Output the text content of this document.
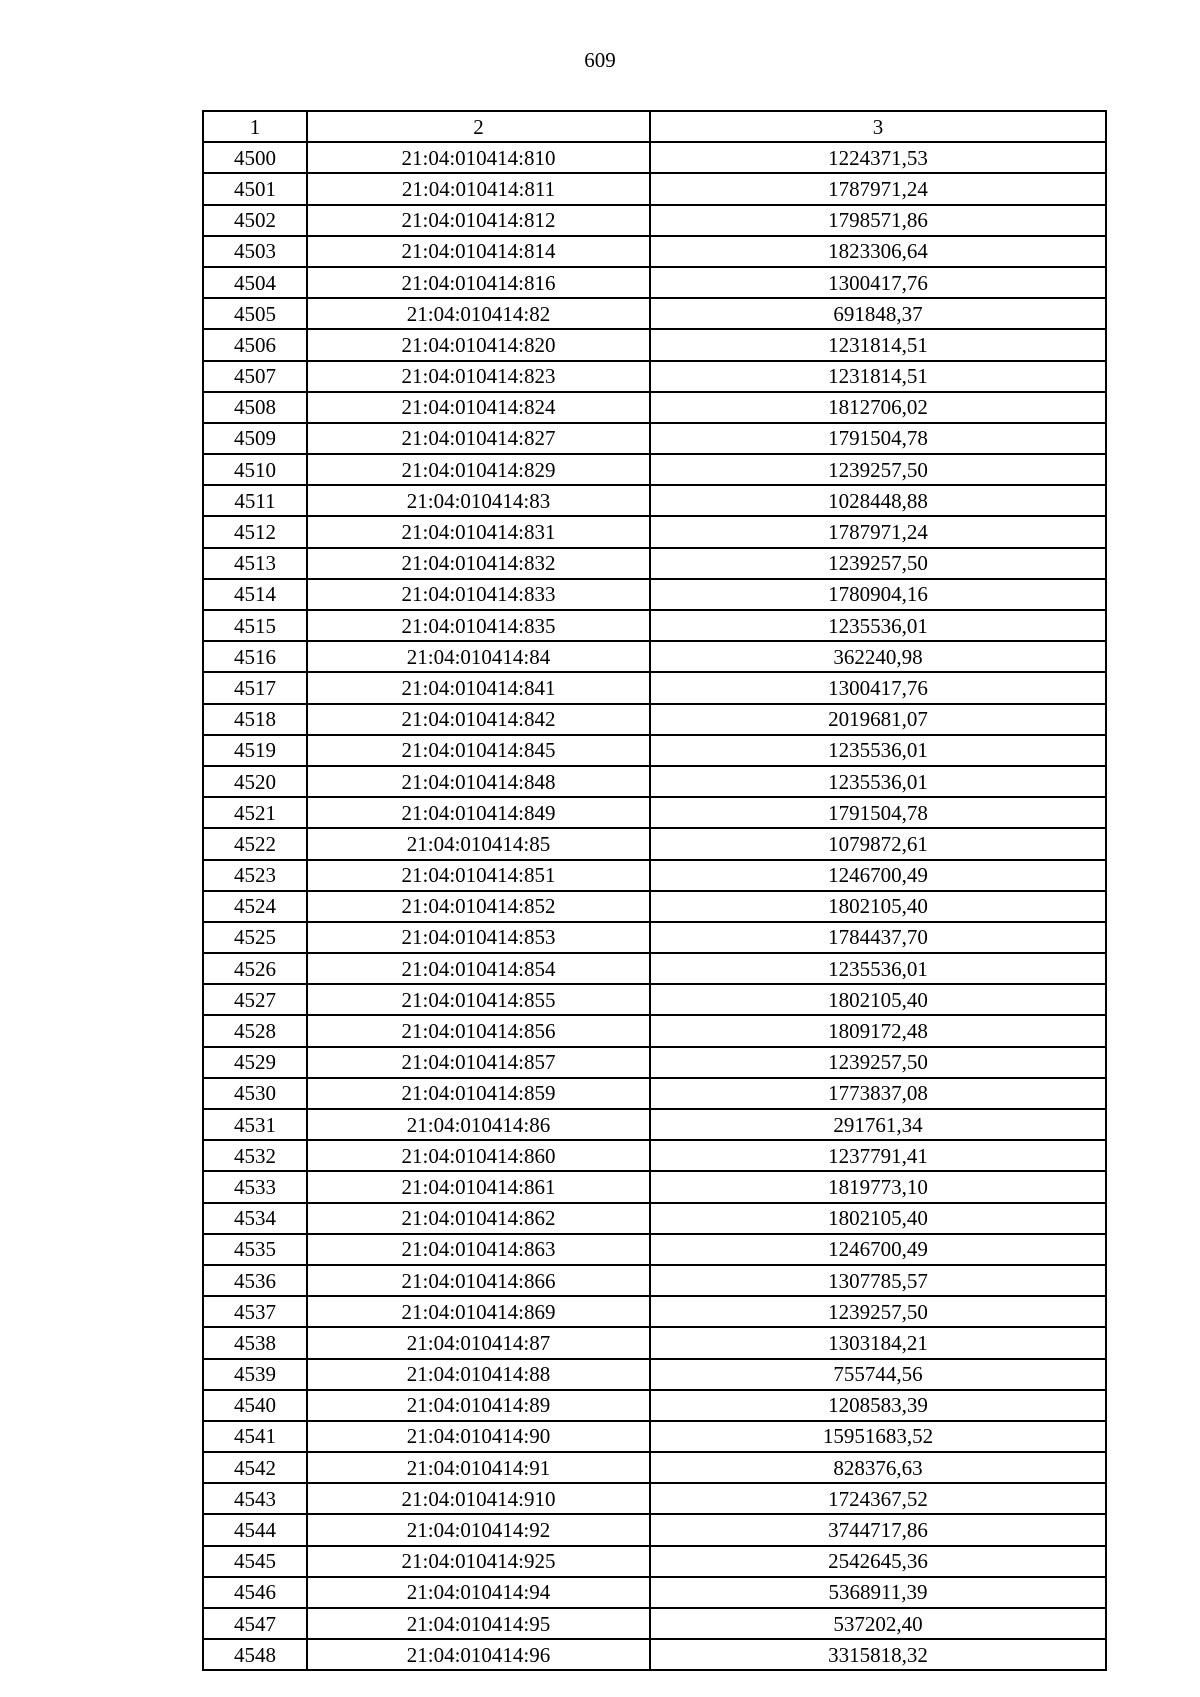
609
1	2	3
4500	21:04:010414:810	1224371,53
4501	21:04:010414:811	1787971,24
4502	21:04:010414:812	1798571,86
4503	21:04:010414:814	1823306,64
4504	21:04:010414:816	1300417,76
4505	21:04:010414:82	691848,37
4506	21:04:010414:820	1231814,51
4507	21:04:010414:823	1231814,51
4508	21:04:010414:824	1812706,02
4509	21:04:010414:827	1791504,78
4510	21:04:010414:829	1239257,50
4511	21:04:010414:83	1028448,88
4512	21:04:010414:831	1787971,24
4513	21:04:010414:832	1239257,50
4514	21:04:010414:833	1780904,16
4515	21:04:010414:835	1235536,01
4516	21:04:010414:84	362240,98
4517	21:04:010414:841	1300417,76
4518	21:04:010414:842	2019681,07
4519	21:04:010414:845	1235536,01
4520	21:04:010414:848	1235536,01
4521	21:04:010414:849	1791504,78
4522	21:04:010414:85	1079872,61
4523	21:04:010414:851	1246700,49
4524	21:04:010414:852	1802105,40
4525	21:04:010414:853	1784437,70
4526	21:04:010414:854	1235536,01
4527	21:04:010414:855	1802105,40
4528	21:04:010414:856	1809172,48
4529	21:04:010414:857	1239257,50
4530	21:04:010414:859	1773837,08
4531	21:04:010414:86	291761,34
4532	21:04:010414:860	1237791,41
4533	21:04:010414:861	1819773,10
4534	21:04:010414:862	1802105,40
4535	21:04:010414:863	1246700,49
4536	21:04:010414:866	1307785,57
4537	21:04:010414:869	1239257,50
4538	21:04:010414:87	1303184,21
4539	21:04:010414:88	755744,56
4540	21:04:010414:89	1208583,39
4541	21:04:010414:90	15951683,52
4542	21:04:010414:91	828376,63
4543	21:04:010414:910	1724367,52
4544	21:04:010414:92	3744717,86
4545	21:04:010414:925	2542645,36
4546	21:04:010414:94	5368911,39
4547	21:04:010414:95	537202,40
4548	21:04:010414:96	3315818,32
